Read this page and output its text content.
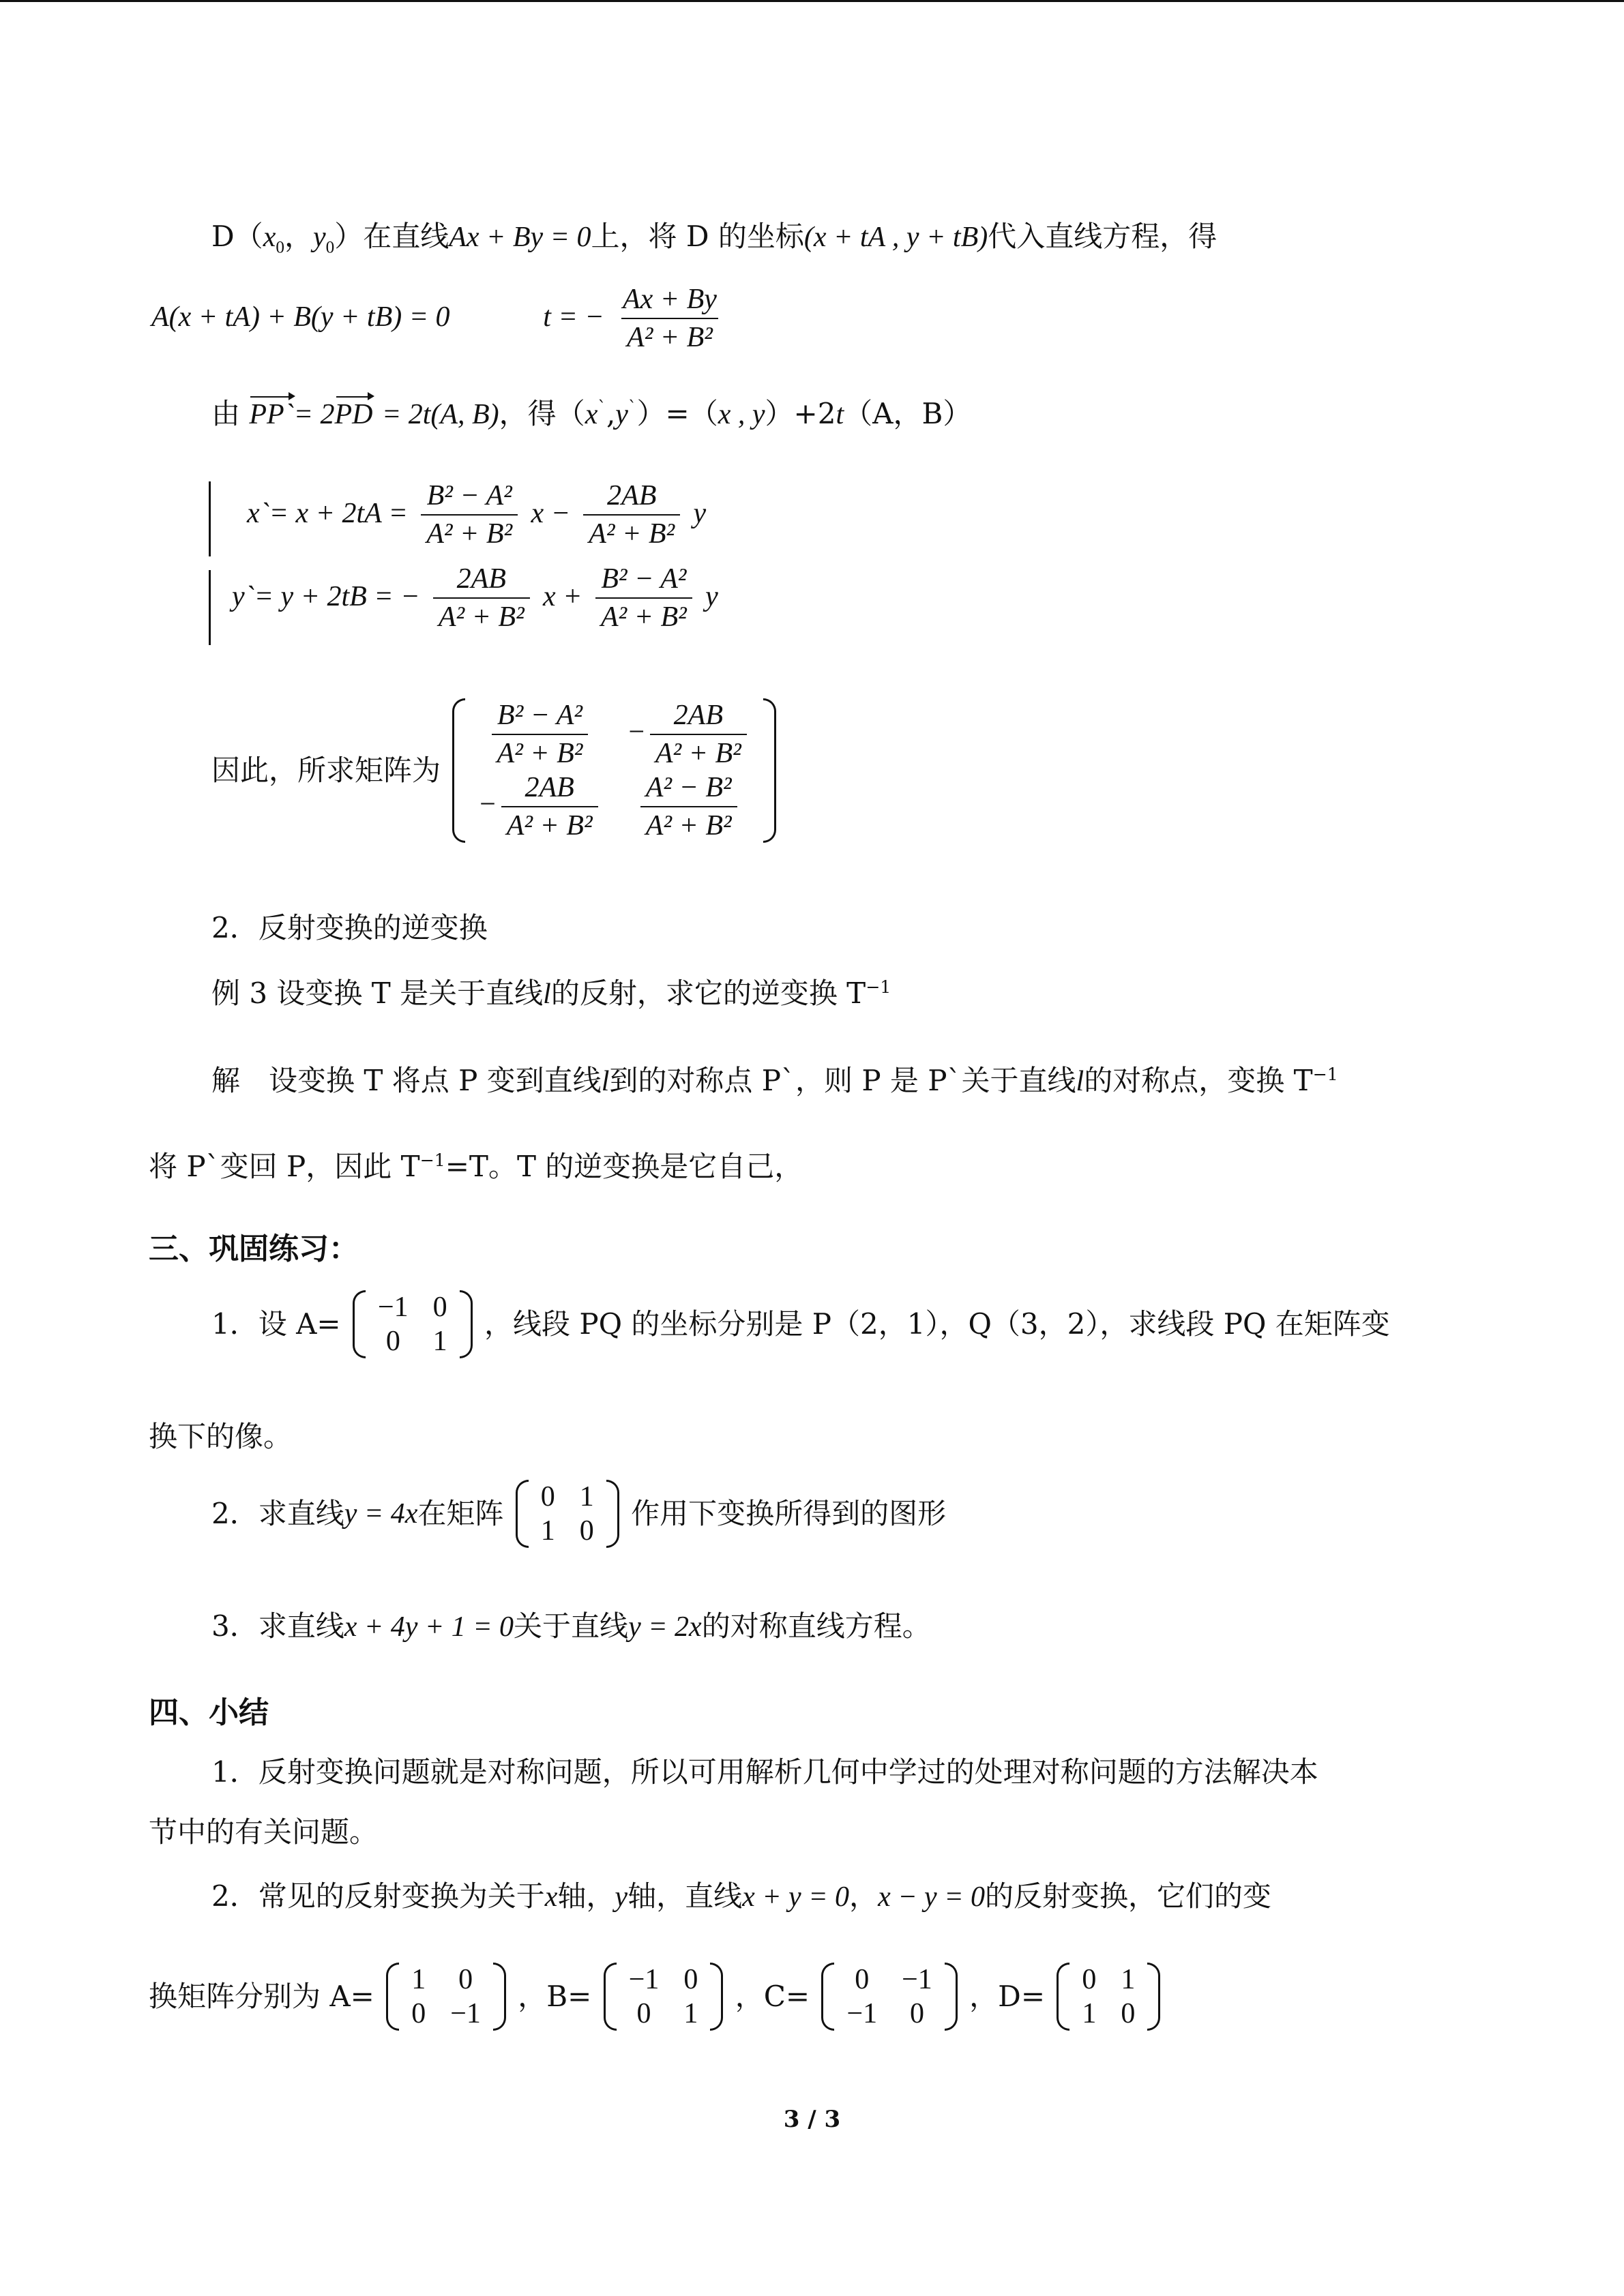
$D(x_0$，$y_0$）在直线Ax + By = 0上，将 D 的坐标(x + tA , y + tB)代入直线方程，得
A(x + tA) + B(y + tB) = 0	t = − $\frac{Ax + By}{\text{A² + B²}}$
由 PP`= 2PD = 2t(A, B)，得（x`,y`）=（x , y）+2t（A，B）
x`= $x + 2tA = \frac{\text{B² − A²}}{\text{A² + B²}}$ $x - \frac{2AB}{\text{A² + B²}}$ y
y`= y + 2tB = − $\frac{2AB}{\text{A² + B²}}$ $x + \frac{\text{B² − A²}}{\text{A² + B²}}$ y
因此，所求矩阵为
$\frac{\text{B² − A²}}{\text{A² + B²}}$	− $\frac{2AB}{\text{A² + B²}}$

− $\frac{2AB}{\text{A² + B²}}$	$\frac{\text{A² − B²}}{\text{A² + B²}}$
2．反射变换的逆变换
例 3 设变换 T 是关于直线l的反射，求它的逆变换 $T^{-1}$
解　设变换 T 将点 P 变到直线l到的对称点 P`，则 P 是 P`关于直线l的对称点，变换 $T^{-1}$
将 P`变回 P，因此 $T^{-1}=T$。T 的逆变换是它自己，
三、巩固练习：
1．设 A= −1	0
0	1
，线段 PQ 的坐标分别是 P（2，1），Q（3，2），求线段 PQ 在矩阵变
换下的像。
2．求直线y = 4x在矩阵 0	1
1	0
作用下变换所得到的图形
3．求直线x + 4y + 1 = 0关于直线y = 2x的对称直线方程。
四、小结
1．反射变换问题就是对称问题，所以可用解析几何中学过的处理对称问题的方法解决本
节中的有关问题。
2．常见的反射变换为关于x轴，y轴，直线x + y = 0，x − y = 0的反射变换，它们的变
换矩阵分别为 A= 1	0
0	−1
，B= −1	0
0	1
，C= 0	−1
−1	0
，D= 0	1
1	0
3 / 3
